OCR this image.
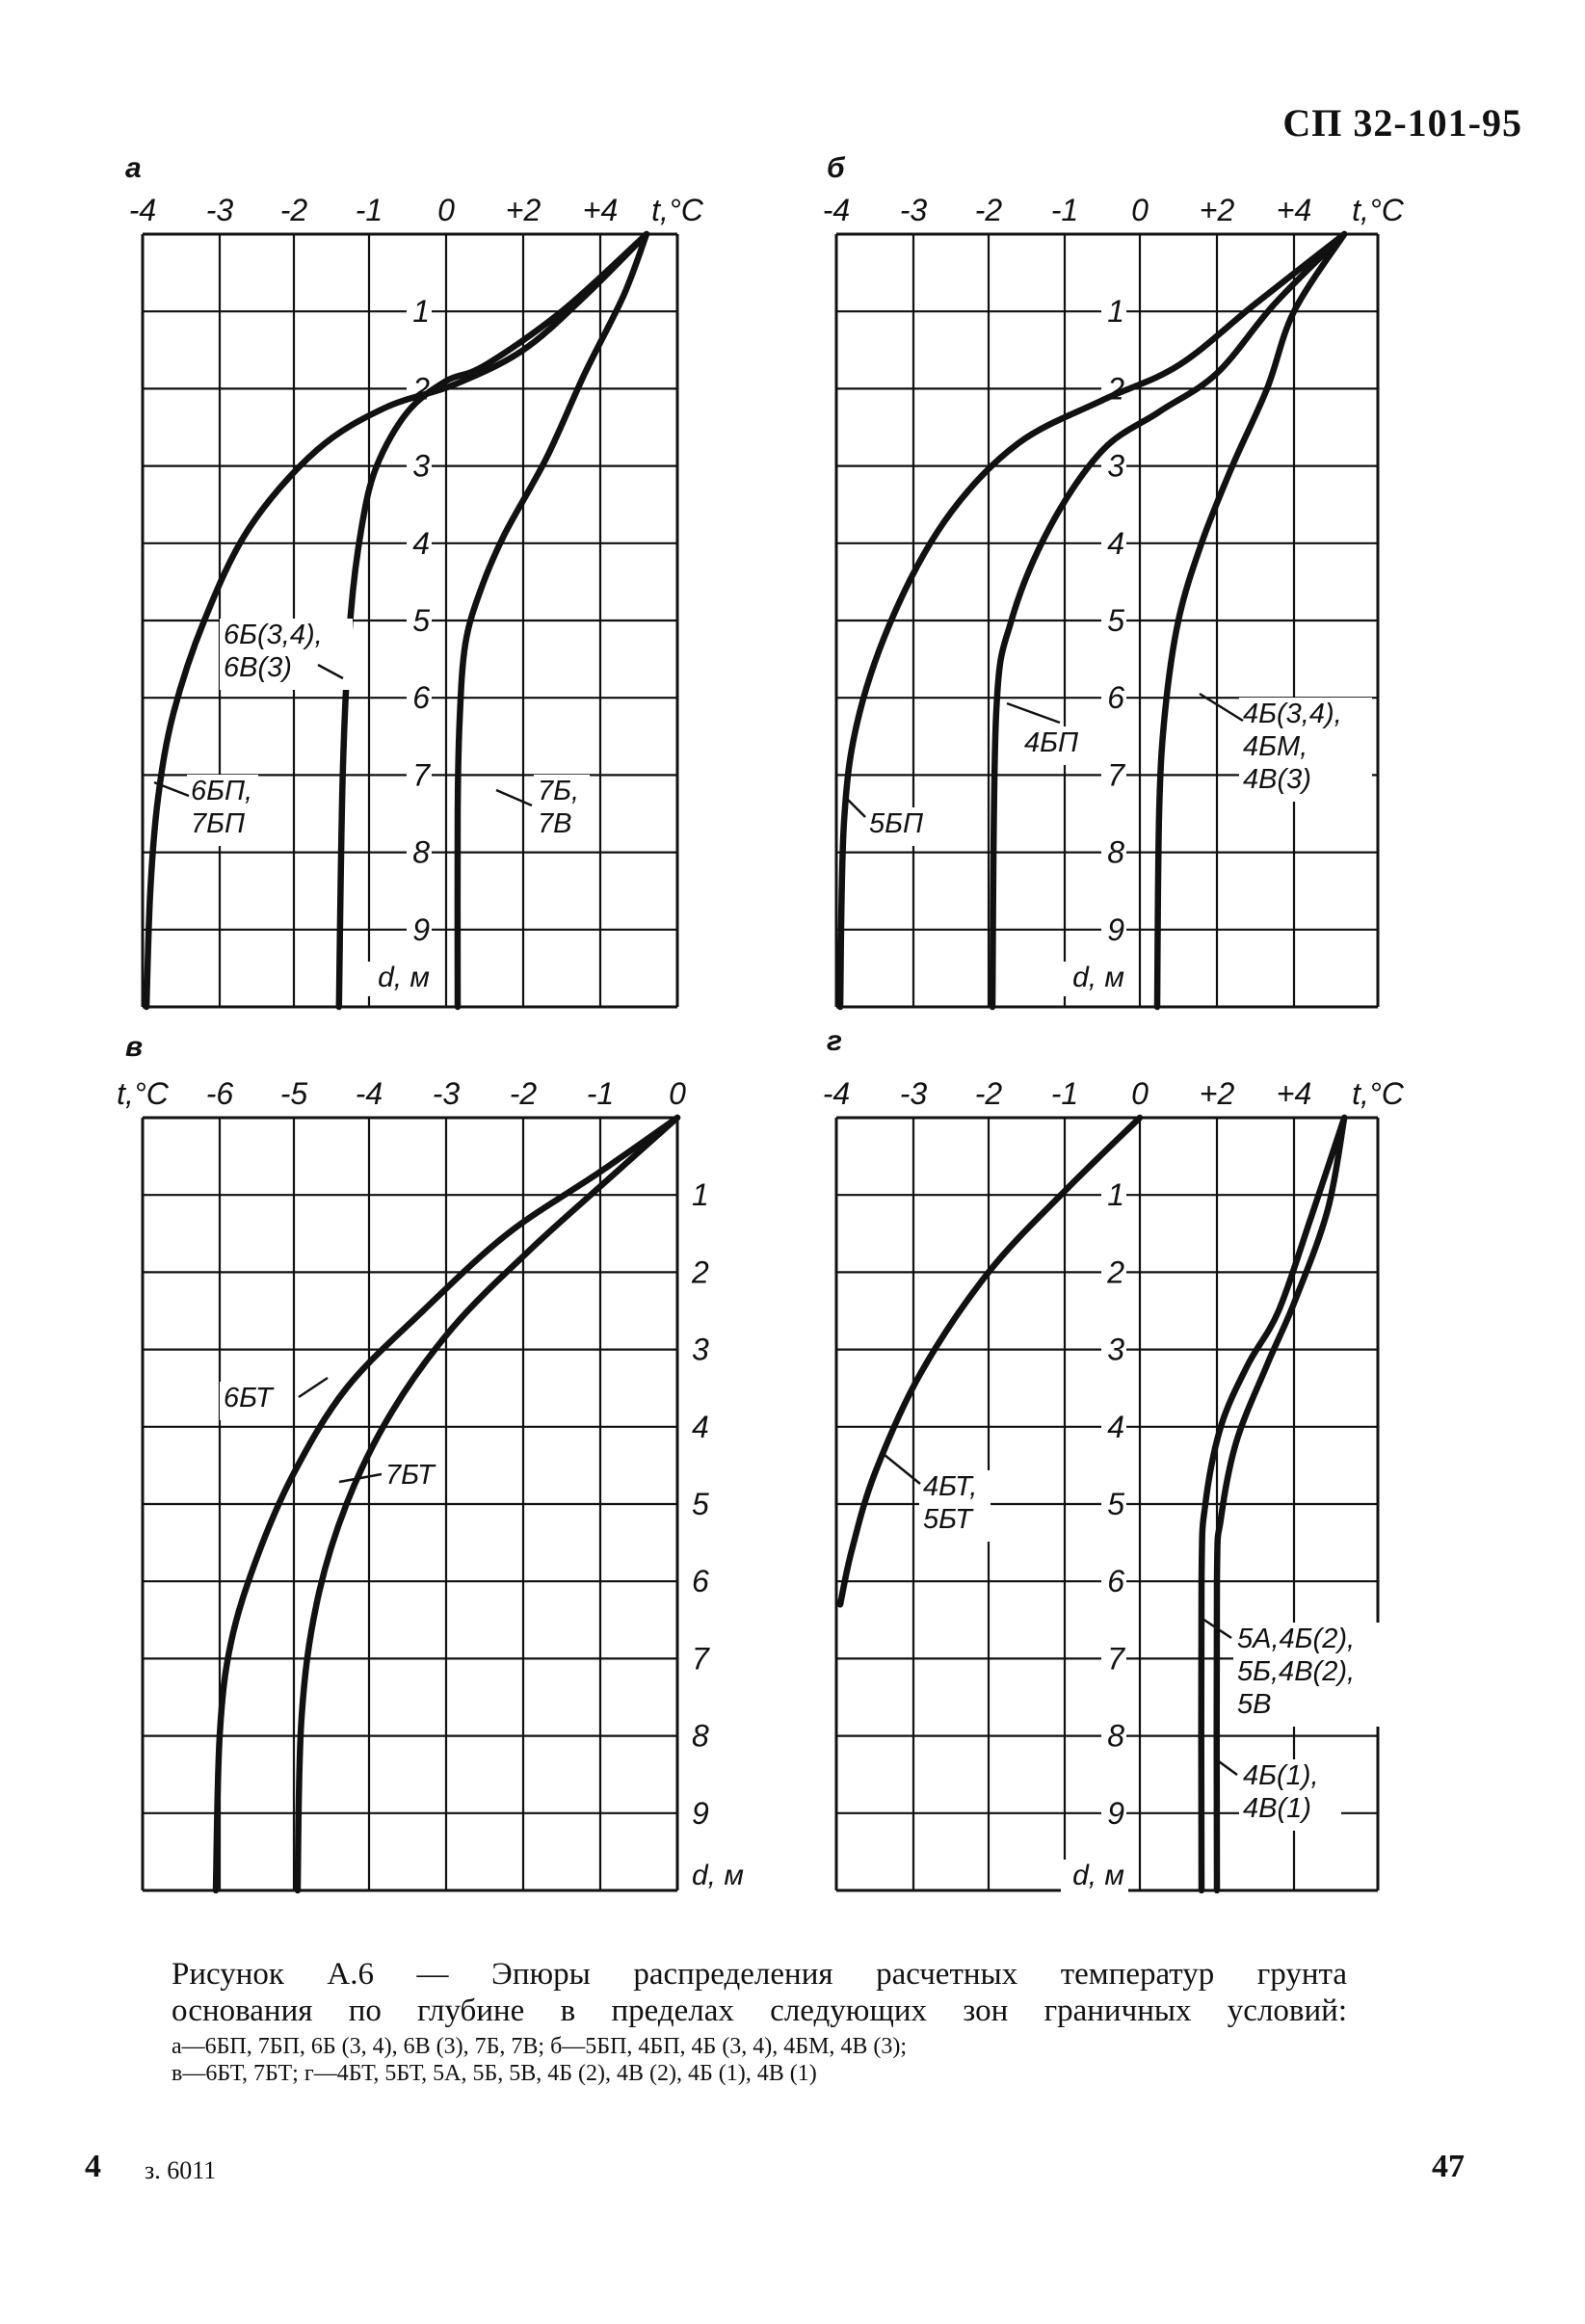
СП 32-101-95
а	б
в	г
-4 -3 -2 -1 0 +2 +4 t,°С
1
2
3
4
5
6
7
8
9
d, м
6Б(3,4),
6В(3)
6БП,
7БП
7Б,
7В
-4 -3 -2 -1 0 +2 +4 t,°С
1
2
3
4
5
6
7
8
9
d, м
5БП
4БП
4Б(3,4),
4БМ,
4В(3)
t,°С -6 -5 -4 -3 -2 -1 0
1
2
3
4
5
6
7
8
9
d, м
6БТ
7БТ
-4 -3 -2 -1 0 +2 +4 t,°С
1
2
3
4
5
6
7
8
9
d, м
4БТ,
5БТ
5А,4Б(2),
5Б,4В(2),
5В
4Б(1),
4В(1)
Рисунок А.6 — Эпюры распределения расчетных температур грунта
основания по глубине в пределах следующих зон граничных условий:
а—6БП, 7БП, 6Б (3, 4), 6В (3), 7Б, 7В; б—5БП, 4БП, 4Б (3, 4), 4БМ, 4В (3);
в—6БТ, 7БТ; г—4БТ, 5БТ, 5А, 5Б, 5В, 4Б (2), 4В (2), 4Б (1), 4В (1)
4 з. 6011	47
